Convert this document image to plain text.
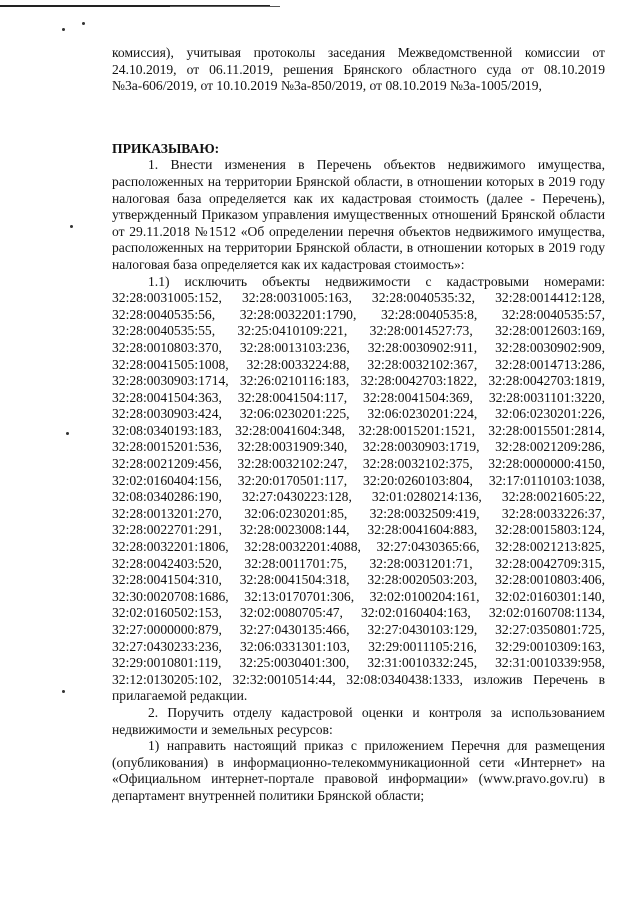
комиссия), учитывая протоколы заседания Межведомственной комиссии от 24.10.2019, от 06.11.2019, решения Брянского областного суда от 08.10.2019 №3а-606/2019, от 10.10.2019 №3а-850/2019, от 08.10.2019 №3а-1005/2019,

ПРИКАЗЫВАЮ:

1. Внести изменения в Перечень объектов недвижимого имущества, расположенных на территории Брянской области, в отношении которых в 2019 году налоговая база определяется как их кадастровая стоимость (далее - Перечень), утвержденный Приказом управления имущественных отношений Брянской области от 29.11.2018 №1512 «Об определении перечня объектов недвижимого имущества, расположенных на территории Брянской области, в отношении которых в 2019 году налоговая база определяется как их кадастровая стоимость»:

1.1) исключить объекты недвижимости с кадастровыми номерами: 32:28:0031005:152, 32:28:0031005:163, 32:28:0040535:32, 32:28:0014412:128, 32:28:0040535:56, 32:28:0032201:1790, 32:28:0040535:8, 32:28:0040535:57, 32:28:0040535:55, 32:25:0410109:221, 32:28:0014527:73, 32:28:0012603:169, 32:28:0010803:370, 32:28:0013103:236, 32:28:0030902:911, 32:28:0030902:909, 32:28:0041505:1008, 32:28:0033224:88, 32:28:0032102:367, 32:28:0014713:286, 32:28:0030903:1714, 32:26:0210116:183, 32:28:0042703:1822, 32:28:0042703:1819, 32:28:0041504:363, 32:28:0041504:117, 32:28:0041504:369, 32:28:0031101:3220, 32:28:0030903:424, 32:06:0230201:225, 32:06:0230201:224, 32:06:0230201:226, 32:08:0340193:183, 32:28:0041604:348, 32:28:0015201:1521, 32:28:0015501:2814, 32:28:0015201:536, 32:28:0031909:340, 32:28:0030903:1719, 32:28:0021209:286, 32:28:0021209:456, 32:28:0032102:247, 32:28:0032102:375, 32:28:0000000:4150, 32:02:0160404:156, 32:20:0170501:117, 32:20:0260103:804, 32:17:0110103:1038, 32:08:0340286:190, 32:27:0430223:128, 32:01:0280214:136, 32:28:0021605:22, 32:28:0013201:270, 32:06:0230201:85, 32:28:0032509:419, 32:28:0033226:37, 32:28:0022701:291, 32:28:0023008:144, 32:28:0041604:883, 32:28:0015803:124, 32:28:0032201:1806, 32:28:0032201:4088, 32:27:0430365:66, 32:28:0021213:825, 32:28:0042403:520, 32:28:0011701:75, 32:28:0031201:71, 32:28:0042709:315, 32:28:0041504:310, 32:28:0041504:318, 32:28:0020503:203, 32:28:0010803:406, 32:30:0020708:1686, 32:13:0170701:306, 32:02:0100204:161, 32:02:0160301:140, 32:02:0160502:153, 32:02:0080705:47, 32:02:0160404:163, 32:02:0160708:1134, 32:27:0000000:879, 32:27:0430135:466, 32:27:0430103:129, 32:27:0350801:725, 32:27:0430233:236, 32:06:0331301:103, 32:29:0011105:216, 32:29:0010309:163, 32:29:0010801:119, 32:25:0030401:300, 32:31:0010332:245, 32:31:0010339:958, 32:12:0130205:102, 32:32:0010514:44, 32:08:0340438:1333, изложив Перечень в прилагаемой редакции.

2. Поручить отделу кадастровой оценки и контроля за использованием недвижимости и земельных ресурсов:

1) направить настоящий приказ с приложением Перечня для размещения (опубликования) в информационно-телекоммуникационной сети «Интернет» на «Официальном интернет-портале правовой информации» (www.pravo.gov.ru) в департамент внутренней политики Брянской области;
